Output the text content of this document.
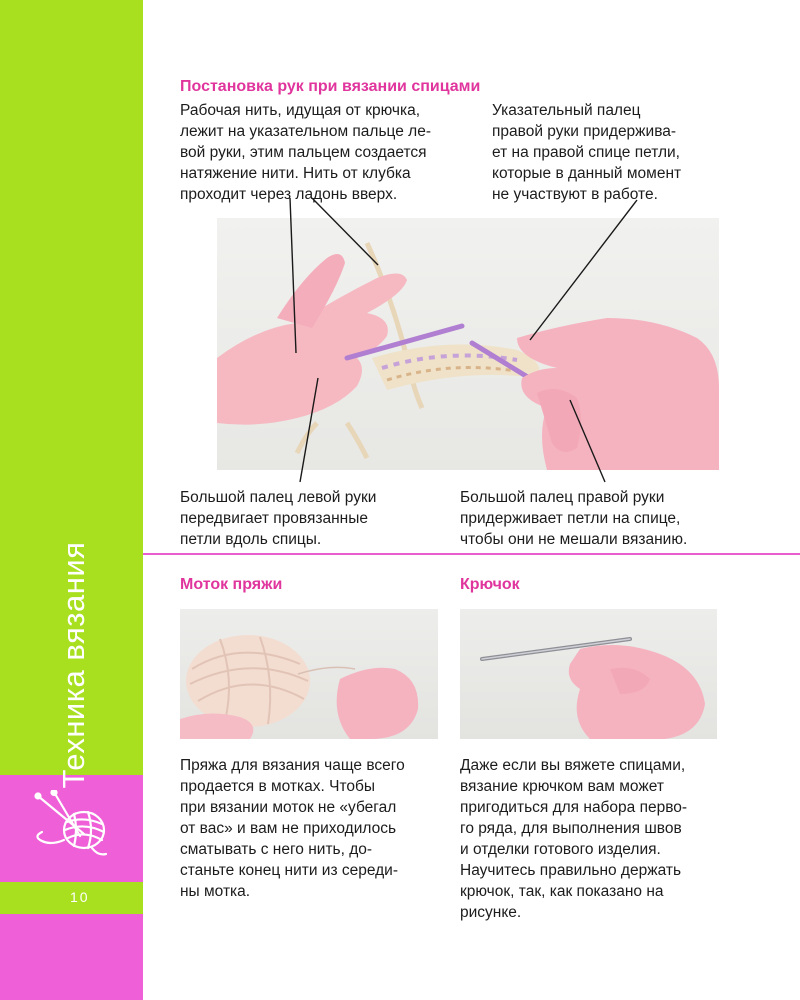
Техника вязания
10
Постановка рук при вязании спицами
Рабочая нить, идущая от крючка,
лежит на указательном пальце ле-
вой руки, этим пальцем создается
натяжение нити. Нить от клубка
проходит через ладонь вверх.
Указательный палец
правой руки придержива-
ет на правой спице петли,
которые в данный момент
не участвуют в работе.
Большой палец левой руки
передвигает провязанные
петли вдоль спицы.
Большой палец правой руки
придерживает петли на спице,
чтобы они не мешали вязанию.
Моток пряжи
Пряжа для вязания чаще всего
продается в мотках. Чтобы
при вязании моток не «убегал
от вас» и вам не приходилось
сматывать с него нить, до-
станьте конец нити из середи-
ны мотка.
Крючок
Даже если вы вяжете спицами,
вязание крючком вам может
пригодиться для набора перво-
го ряда, для выполнения швов
и отделки готового изделия.
Научитесь правильно держать
крючок, так, как показано на
рисунке.
